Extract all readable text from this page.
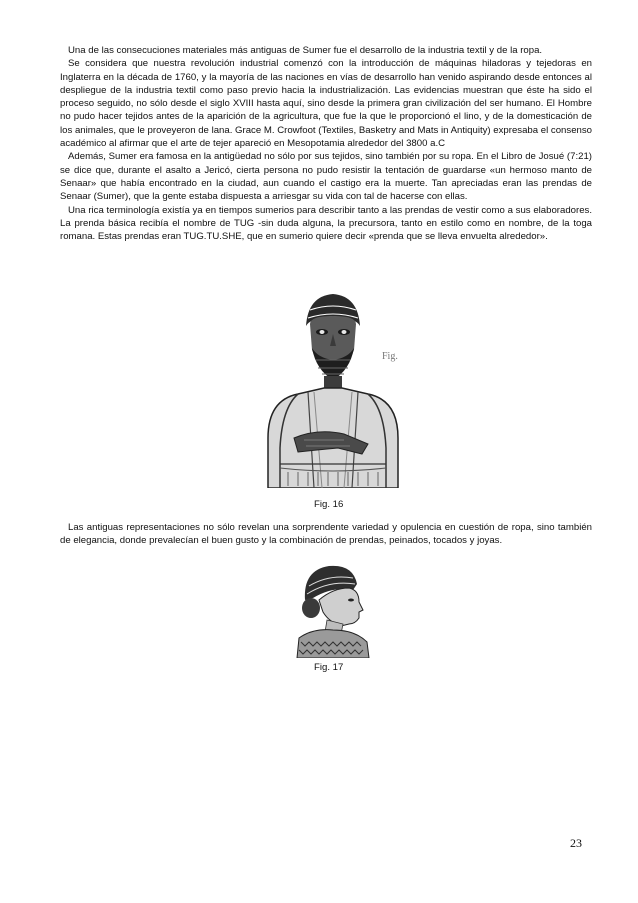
Una de las consecuciones materiales más antiguas de Sumer fue el desarrollo de la industria textil y de la ropa.

Se considera que nuestra revolución industrial comenzó con la introducción de máquinas hiladoras y tejedoras en Inglaterra en la década de 1760, y la mayoría de las naciones en vías de desarrollo han venido aspirando desde entonces al despliegue de la industria textil como paso previo hacia la industrialización. Las evidencias muestran que éste ha sido el proceso seguido, no sólo desde el siglo XVIII hasta aquí, sino desde la primera gran civilización del ser humano. El Hombre no pudo hacer tejidos antes de la aparición de la agricultura, que fue la que le proporcionó el lino, y de la domesticación de los animales, que le proveyeron de lana. Grace M. Crowfoot (Textiles, Basketry and Mats in Antiquity) expresaba el consenso académico al afirmar que el arte de tejer apareció en Mesopotamia alrededor del 3800 a.C

Además, Sumer era famosa en la antigüedad no sólo por sus tejidos, sino también por su ropa. En el Libro de Josué (7:21) se dice que, durante el asalto a Jericó, cierta persona no pudo resistir la tentación de guardarse «un hermoso manto de Senaar» que había encontrado en la ciudad, aun cuando el castigo era la muerte. Tan apreciadas eran las prendas de Senaar (Sumer), que la gente estaba dispuesta a arriesgar su vida con tal de hacerse con ellas.

Una rica terminología existía ya en tiempos sumerios para describir tanto a las prendas de vestir como a sus elaboradores. La prenda básica recibía el nombre de TUG -sin duda alguna, la precursora, tanto en estilo como en nombre, de la toga romana. Estas prendas eran TUG.TU.SHE, que en sumerio quiere decir «prenda que se lleva envuelta alrededor».

Fig.
Fig. 16

Las antiguas representaciones no sólo revelan una sorprendente variedad y opulencia en cuestión de ropa, sino también de elegancia, donde prevalecían el buen gusto y la combinación de prendas, peinados, tocados y joyas.

Fig. 17
23
